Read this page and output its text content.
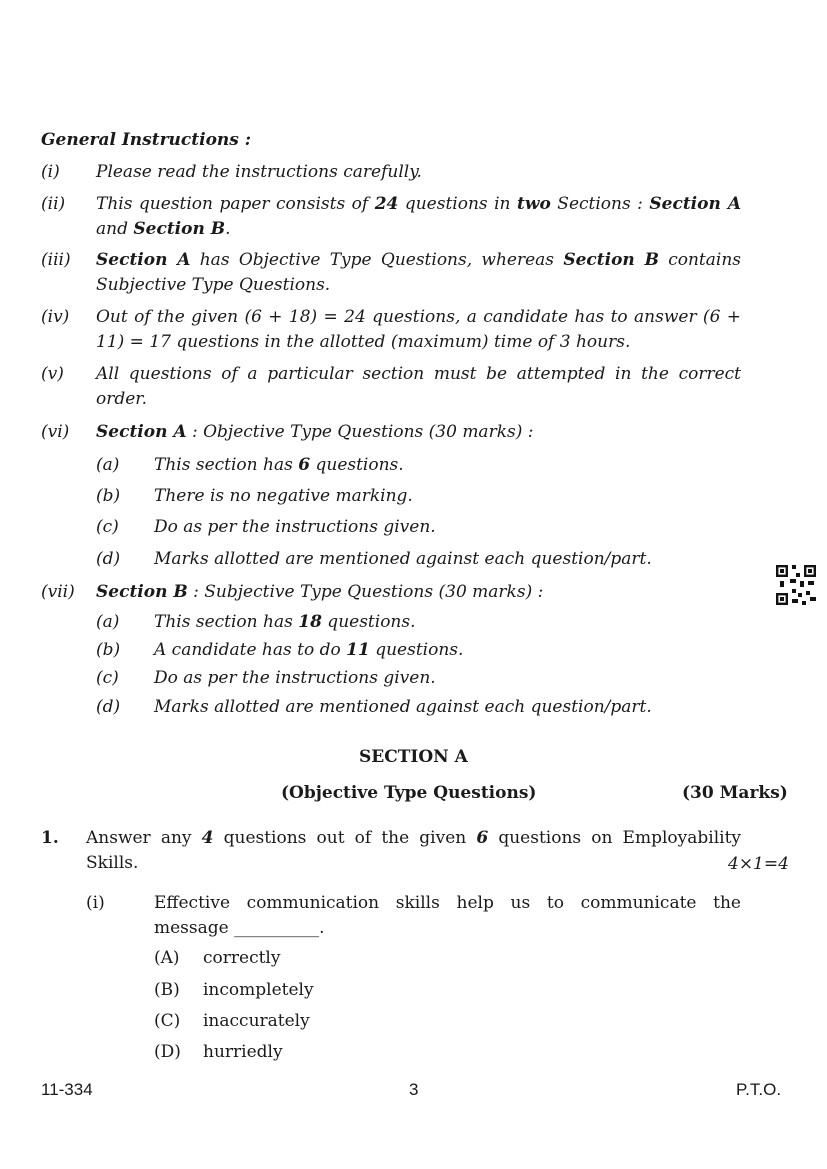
General Instructions :
(i) Please read the instructions carefully.
(ii) This question paper consists of 24 questions in two Sections : Section A and Section B.
(iii) Section A has Objective Type Questions, whereas Section B contains Subjective Type Questions.
(iv) Out of the given (6 + 18) = 24 questions, a candidate has to answer (6 + 11) = 17 questions in the allotted (maximum) time of 3 hours.
(v) All questions of a particular section must be attempted in the correct order.
(vi) Section A : Objective Type Questions (30 marks) :
(vii) Section B : Subjective Type Questions (30 marks) :
(a) This section has 6 questions.
(b) There is no negative marking.
(c) Do as per the instructions given.
(d) Marks allotted are mentioned against each question/part.
(a) This section has 18 questions.
(b) A candidate has to do 11 questions.
(c) Do as per the instructions given.
(d) Marks allotted are mentioned against each question/part.
SECTION A
(Objective Type Questions)	(30 Marks)
1. Answer any 4 questions out of the given 6 questions on Employability Skills.	4×1=4
(i)	Effective communication skills help us to communicate the message __________.
(A) correctly
(B) incompletely
(C) inaccurately
(D) hurriedly
11-334	3	P.T.O.
